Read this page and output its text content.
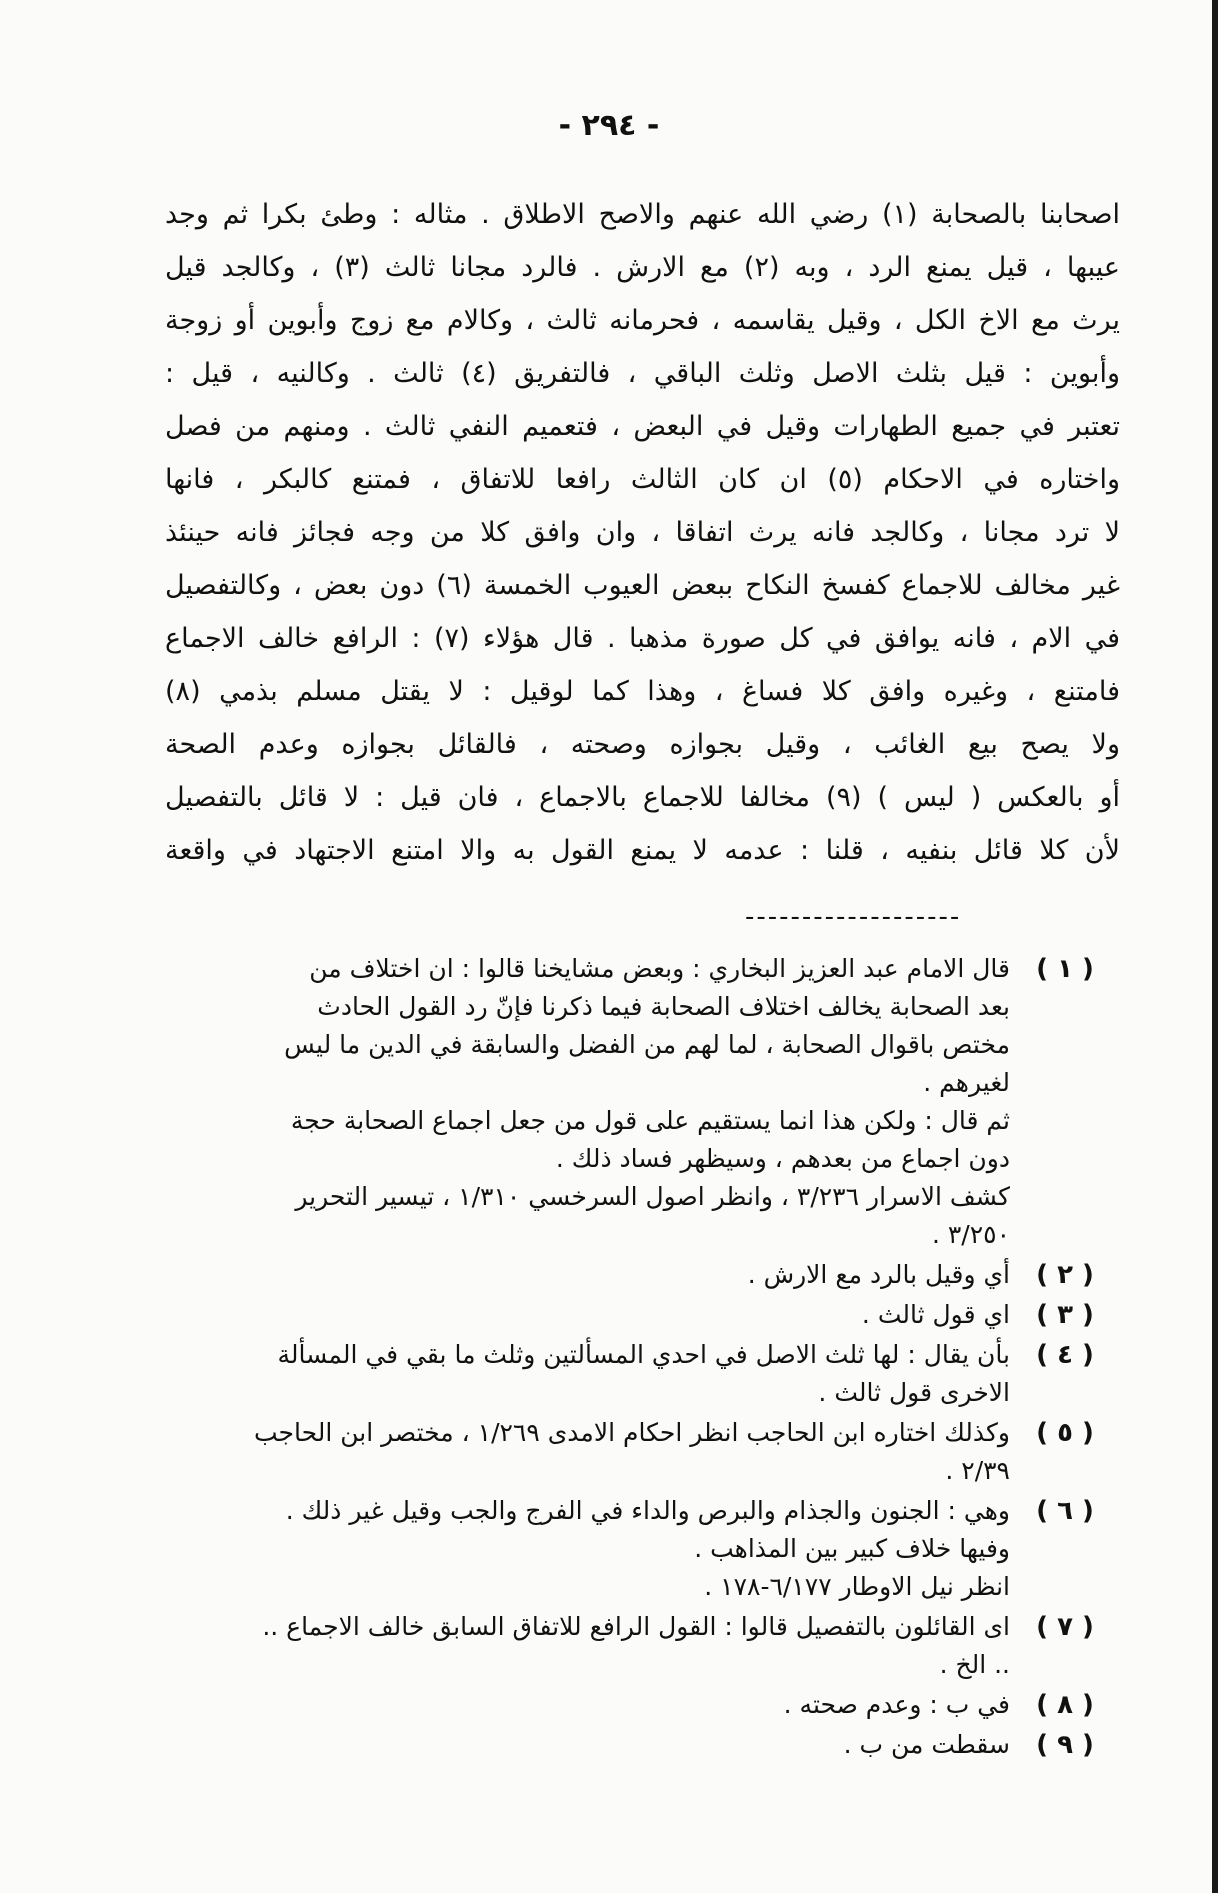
- ٢٩٤ -
اصحابنا بالصحابة (١) رضي الله عنهم والاصح الاطلاق . مثاله : وطئ بكرا ثم وجد
عيبها ، قيل يمنع الرد ، وبه (٢) مع الارش . فالرد مجانا ثالث (٣) ، وكالجد قيل
يرث مع الاخ الكل ، وقيل يقاسمه ، فحرمانه ثالث ، وكالام مع زوج وأبوين أو زوجة
وأبوين : قيل بثلث الاصل وثلث الباقي ، فالتفريق (٤) ثالث . وكالنيه ، قيل :
تعتبر في جميع الطهارات وقيل في البعض ، فتعميم النفي ثالث . ومنهم من فصل
واختاره في الاحكام (٥) ان كان الثالث رافعا للاتفاق ، فمتنع كالبكر ، فانها
لا ترد مجانا ، وكالجد فانه يرث اتفاقا ، وان وافق كلا من وجه فجائز فانه حينئذ
غير مخالف للاجماع كفسخ النكاح ببعض العيوب الخمسة (٦) دون بعض ، وكالتفصيل
في الام ، فانه يوافق في كل صورة مذهبا . قال هؤلاء (٧) : الرافع خالف الاجماع
فامتنع ، وغيره وافق كلا فساغ ، وهذا كما لوقيل : لا يقتل مسلم بذمي (٨)
ولا يصح بيع الغائب ، وقيل بجوازه وصحته ، فالقائل بجوازه وعدم الصحة
أو بالعكس ( ليس ) (٩) مخالفا للاجماع بالاجماع ، فان قيل : لا قائل بالتفصيل
لأن كلا قائل بنفيه ، قلنا : عدمه لا يمنع القول به والا امتنع الاجتهاد في واقعة
-------------------
( ١ )
قال الامام عبد العزيز البخاري : وبعض مشايخنا قالوا : ان اختلاف من
بعد الصحابة يخالف اختلاف الصحابة فيما ذكرنا فإنّ رد القول الحادث
مختص باقوال الصحابة ، لما لهم من الفضل والسابقة في الدين ما ليس
لغيرهم .
ثم قال : ولكن هذا انما يستقيم على قول من جعل اجماع الصحابة حجة
دون اجماع من بعدهم ، وسيظهر فساد ذلك .
كشف الاسرار ٣/٢٣٦ ، وانظر اصول السرخسي ١/٣١٠ ، تيسير التحرير
٣/٢٥٠ .
( ٢ )
أي وقيل بالرد مع الارش .
( ٣ )
اي قول ثالث .
( ٤ )
بأن يقال : لها ثلث الاصل في احدي المسألتين وثلث ما بقي في المسألة
الاخرى قول ثالث .
( ٥ )
وكذلك اختاره ابن الحاجب انظر احكام الامدى ١/٢٦٩ ، مختصر ابن الحاجب
٢/٣٩ .
( ٦ )
وهي : الجنون والجذام والبرص والداء في الفرج والجب وقيل غير ذلك .
وفيها خلاف كبير بين المذاهب .
انظر نيل الاوطار ٦/١٧٧-١٧٨ .
( ٧ )
اى القائلون بالتفصيل قالوا : القول الرافع للاتفاق السابق خالف الاجماع ..
.. الخ .
( ٨ )
في ب : وعدم صحته .
( ٩ )
سقطت من ب .
